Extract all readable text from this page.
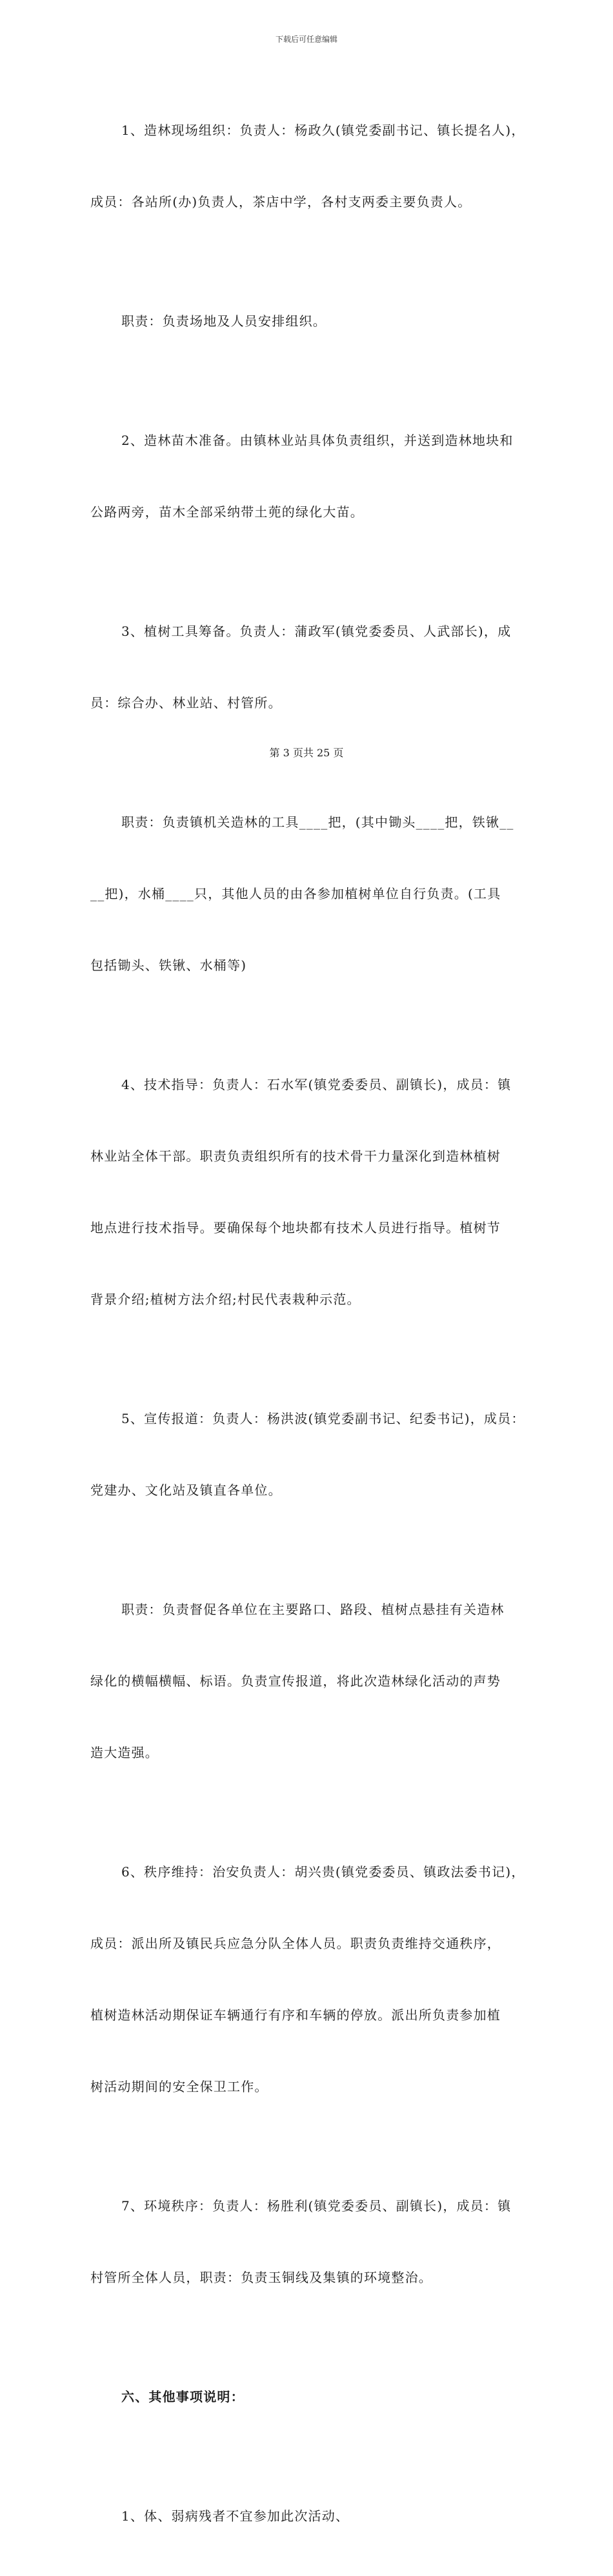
下载后可任意编辑

1、造林现场组织：负责人：杨政久(镇党委副书记、镇长提名人)，

成员：各站所(办)负责人，茶店中学，各村支两委主要负责人。

职责：负责场地及人员安排组织。

2、造林苗木准备。由镇林业站具体负责组织，并送到造林地块和

公路两旁，苗木全部采纳带土蔸的绿化大苗。

3、植树工具筹备。负责人：蒲政军(镇党委委员、人武部长)，成

员：综合办、林业站、村管所。

职责：负责镇机关造林的工具____把，(其中锄头____把，铁锹__

__把)，水桶____只，其他人员的由各参加植树单位自行负责。(工具

包括锄头、铁锹、水桶等)

4、技术指导：负责人：石水军(镇党委委员、副镇长)，成员：镇

林业站全体干部。职责负责组织所有的技术骨干力量深化到造林植树

地点进行技术指导。要确保每个地块都有技术人员进行指导。植树节

背景介绍;植树方法介绍;村民代表栽种示范。

5、宣传报道：负责人：杨洪波(镇党委副书记、纪委书记)，成员：

党建办、文化站及镇直各单位。

职责：负责督促各单位在主要路口、路段、植树点悬挂有关造林

绿化的横幅横幅、标语。负责宣传报道，将此次造林绿化活动的声势

造大造强。

6、秩序维持：治安负责人：胡兴贵(镇党委委员、镇政法委书记)，

成员：派出所及镇民兵应急分队全体人员。职责负责维持交通秩序，

植树造林活动期保证车辆通行有序和车辆的停放。派出所负责参加植

树活动期间的安全保卫工作。

7、环境秩序：负责人：杨胜利(镇党委委员、副镇长)，成员：镇

村管所全体人员，职责：负责玉铜线及集镇的环境整治。

六、其他事项说明：

1、体、弱病残者不宜参加此次活动、

第 3 页共 25 页
